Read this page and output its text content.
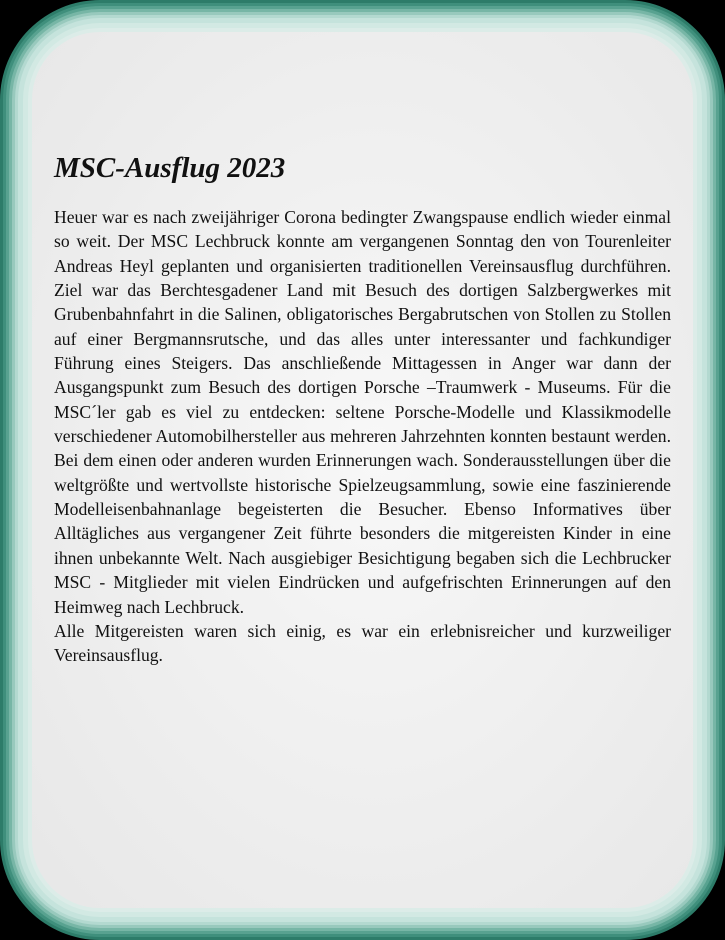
MSC-Ausflug 2023

Heuer war es nach zweijähriger Corona bedingter Zwangspause endlich wieder einmal so weit. Der MSC Lechbruck konnte am vergangenen Sonntag den von Tourenleiter Andreas Heyl geplanten und organisierten traditionellen Vereinsausflug durchführen. Ziel war das Berchtesgadener Land mit Besuch des dortigen Salzbergwerkes mit Grubenbahnfahrt in die Salinen, obligatorisches Bergabrutschen von Stollen zu Stollen auf einer Bergmannsrutsche, und das alles unter interessanter und fachkundiger Führung eines Steigers. Das anschließende Mittagessen in Anger war dann der Ausgangspunkt zum Besuch des dortigen Porsche –Traumwerk - Museums. Für die MSC´ler gab es viel zu entdecken: seltene Porsche-Modelle und Klassikmodelle verschiedener Automobilhersteller aus mehreren Jahrzehnten konnten bestaunt werden. Bei dem einen oder anderen wurden Erinnerungen wach. Sonderausstellungen über die weltgrößte und wertvollste historische Spielzeugsammlung, sowie eine faszinierende Modelleisenbahnanlage begeisterten die Besucher. Ebenso Informatives über Alltägliches aus vergangener Zeit führte besonders die mitgereisten Kinder in eine ihnen unbekannte Welt. Nach ausgiebiger Besichtigung begaben sich die Lechbrucker MSC - Mitglieder mit vielen Eindrücken und aufgefrischten Erinnerungen auf den Heimweg nach Lechbruck.

Alle Mitgereisten waren sich einig, es war ein erlebnisreicher und kurzweiliger Vereinsausflug.
